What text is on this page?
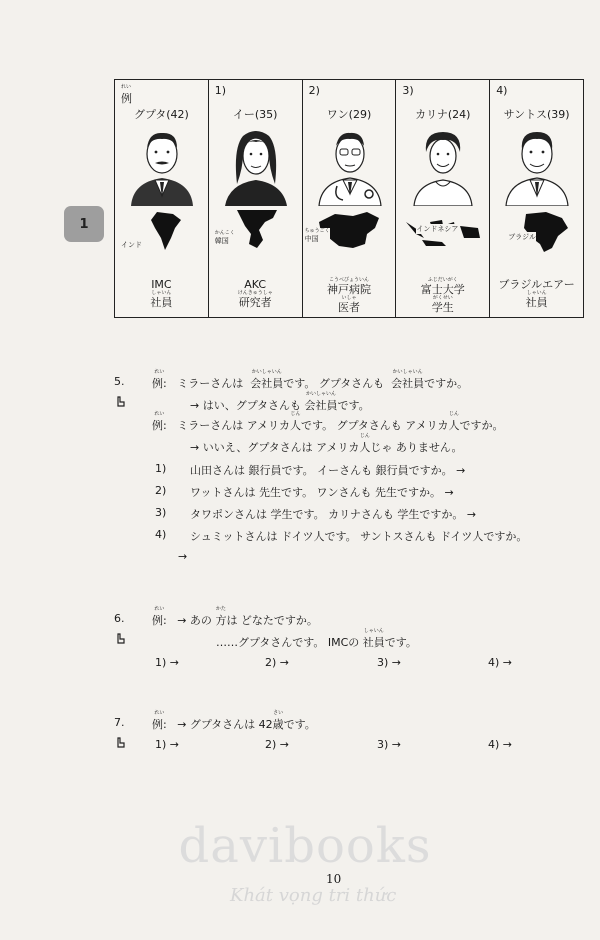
1
れい
例
グプタ(42)
インド
IMC
しゃいん
社員
1)
イー(35)
かんこく
韓国
AKC
けんきゅうしゃ
研究者
2)
ワン(29)
ちゅうごく
中国
こうべびょういん
神戸病院
いしゃ
医者
3)
カリナ(24)
インドネシア
ふじだいがく
富士大学
がくせい
学生
4)
サントス(39)
ブラジル
ブラジルエアー
しゃいん
社員
5.	例:
れい
ミラーさんは 会社員
かいしゃいん
です。 グプタさんも 会社員
かいしゃいん
ですか。
→ はい、グプタさんも 会社員
かいしゃいん
です。
例:
れい
ミラーさんは アメリカ人
じん
です。 グプタさんも アメリカ人
じん
ですか。
→ いいえ、グプタさんは アメリカ人
じん
じゃ ありません。
1) 山田さんは 銀行員です。 イーさんも 銀行員ですか。 →
2) ワットさんは 先生です。 ワンさんも 先生ですか。 →
3) タワポンさんは 学生です。 カリナさんも 学生ですか。 →
4) シュミットさんは ドイツ人です。 サントスさんも ドイツ人ですか。
→
6.	例:
れい
→ あの 方
かた
は どなたですか。
……グプタさんです。 IMCの 社員
しゃいん
です。
1) →	2) →	3) →	4) →
7.	例:
れい
→ グプタさんは 42歳
さい
です。
1) →	2) →	3) →	4) →
davibooks
10
Khát vọng tri thức
